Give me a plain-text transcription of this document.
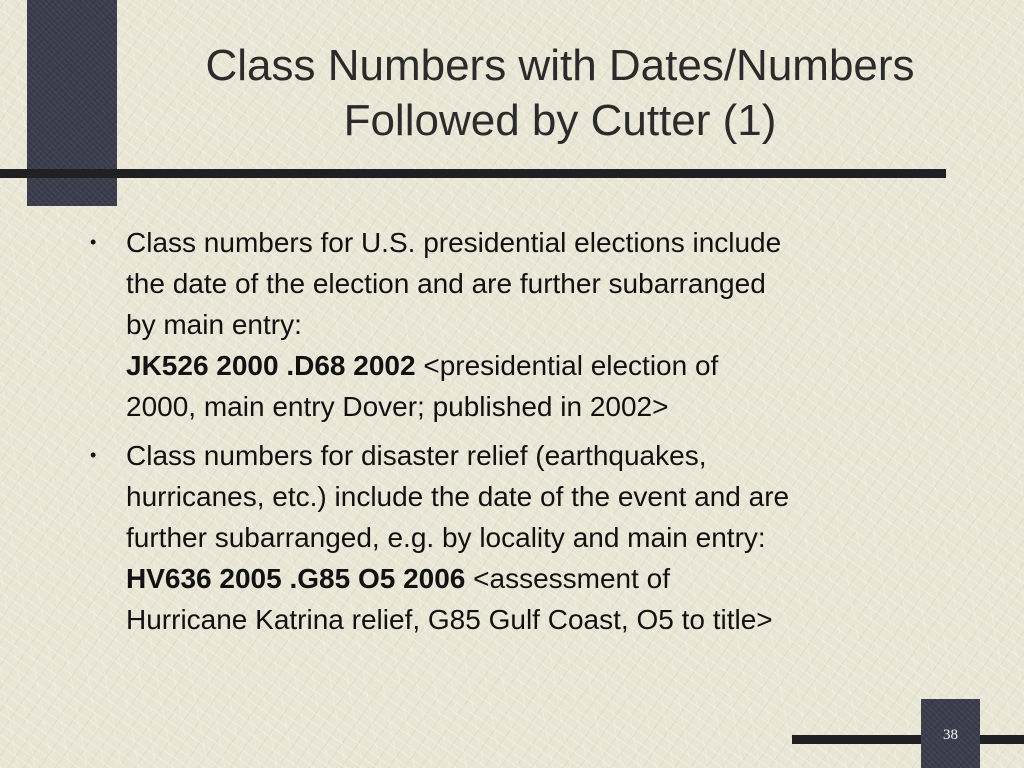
Class Numbers with Dates/Numbers
Followed by Cutter (1)
• Class numbers for U.S. presidential elections include
the date of the election and are further subarranged
by main entry:
JK526 2000 .D68 2002 <presidential election of
2000, main entry Dover; published in 2002>
• Class numbers for disaster relief (earthquakes,
hurricanes, etc.) include the date of the event and are
further subarranged, e.g. by locality and main entry:
HV636 2005 .G85 O5 2006 <assessment of
Hurricane Katrina relief, G85 Gulf Coast, O5 to title>
38
